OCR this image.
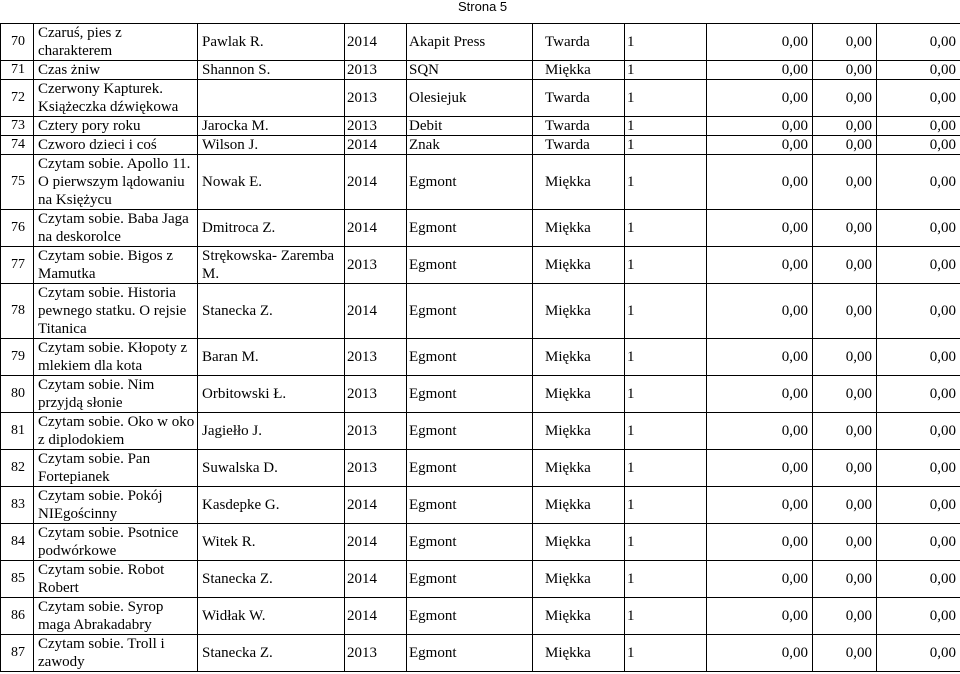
Strona 5
70	Czaruś, pies z charakterem	Pawlak R.	2014	Akapit Press	Twarda	1	0,00	0,00	0,00
71	Czas żniw	Shannon S.	2013	SQN	Miękka	1	0,00	0,00	0,00
72	Czerwony Kapturek. Książeczka dźwiękowa		2013	Olesiejuk	Twarda	1	0,00	0,00	0,00
73	Cztery pory roku	Jarocka M.	2013	Debit	Twarda	1	0,00	0,00	0,00
74	Czworo dzieci i coś	Wilson J.	2014	Znak	Twarda	1	0,00	0,00	0,00
75	Czytam sobie. Apollo 11. O pierwszym lądowaniu na Księżycu	Nowak E.	2014	Egmont	Miękka	1	0,00	0,00	0,00
76	Czytam sobie. Baba Jaga na deskorolce	Dmitroca Z.	2014	Egmont	Miękka	1	0,00	0,00	0,00
77	Czytam sobie. Bigos z Mamutka	Strękowska- Zaremba M.	2013	Egmont	Miękka	1	0,00	0,00	0,00
78	Czytam sobie. Historia pewnego statku. O rejsie Titanica	Stanecka Z.	2014	Egmont	Miękka	1	0,00	0,00	0,00
79	Czytam sobie. Kłopoty z mlekiem dla kota	Baran M.	2013	Egmont	Miękka	1	0,00	0,00	0,00
80	Czytam sobie. Nim przyjdą słonie	Orbitowski Ł.	2013	Egmont	Miękka	1	0,00	0,00	0,00
81	Czytam sobie. Oko w oko z diplodokiem	Jagiełło J.	2013	Egmont	Miękka	1	0,00	0,00	0,00
82	Czytam sobie. Pan Fortepianek	Suwalska D.	2013	Egmont	Miękka	1	0,00	0,00	0,00
83	Czytam sobie. Pokój NIEgościnny	Kasdepke G.	2014	Egmont	Miękka	1	0,00	0,00	0,00
84	Czytam sobie. Psotnice podwórkowe	Witek R.	2014	Egmont	Miękka	1	0,00	0,00	0,00
85	Czytam sobie. Robot Robert	Stanecka Z.	2014	Egmont	Miękka	1	0,00	0,00	0,00
86	Czytam sobie. Syrop maga Abrakadabry	Widłak W.	2014	Egmont	Miękka	1	0,00	0,00	0,00
87	Czytam sobie. Troll i zawody	Stanecka Z.	2013	Egmont	Miękka	1	0,00	0,00	0,00
